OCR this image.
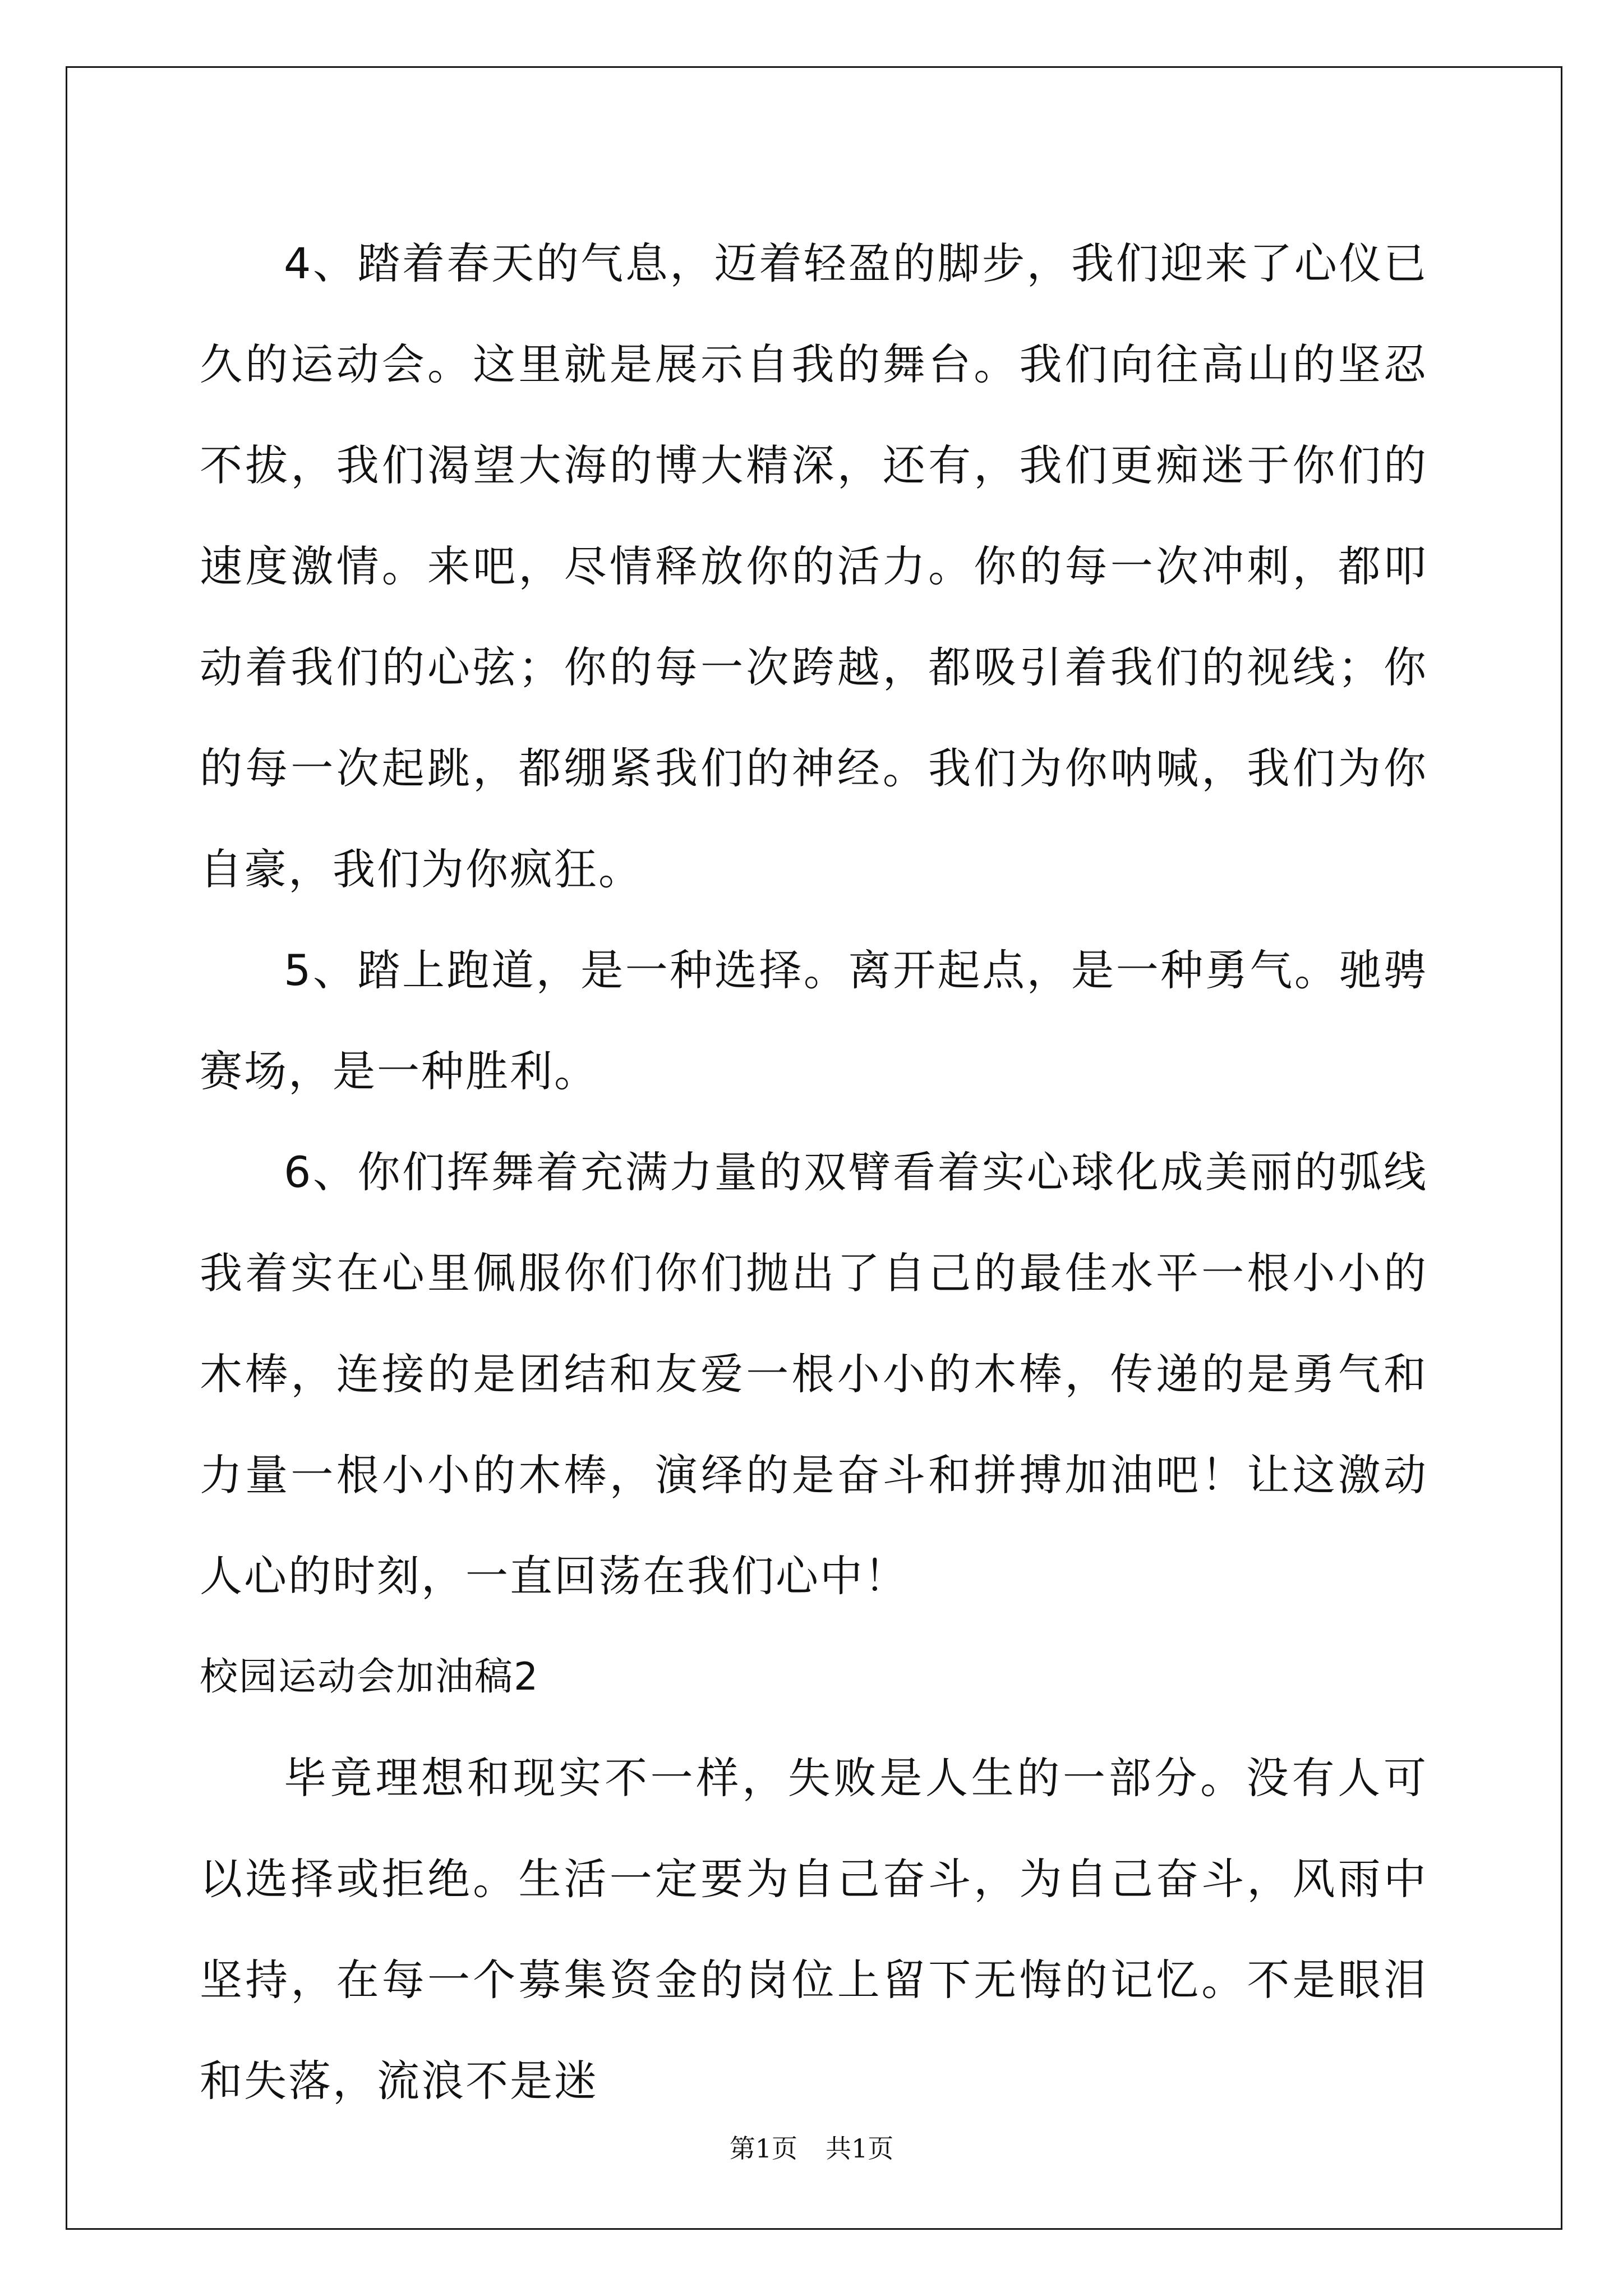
4、踏着春天的气息，迈着轻盈的脚步，我们迎来了心仪已久的运动会。这里就是展示自我的舞台。我们向往高山的坚忍不拔，我们渴望大海的博大精深，还有，我们更痴迷于你们的速度激情。来吧，尽情释放你的活力。你的每一次冲刺，都叩动着我们的心弦；你的每一次跨越，都吸引着我们的视线；你的每一次起跳，都绷紧我们的神经。我们为你呐喊，我们为你自豪，我们为你疯狂。

5、踏上跑道，是一种选择。离开起点，是一种勇气。驰骋赛场，是一种胜利。

6、你们挥舞着充满力量的双臂看着实心球化成美丽的弧线我着实在心里佩服你们你们抛出了自己的最佳水平一根小小的木棒，连接的是团结和友爱一根小小的木棒，传递的是勇气和力量一根小小的木棒，演绎的是奋斗和拼搏加油吧！让这激动人心的时刻，一直回荡在我们心中！

校园运动会加油稿2

毕竟理想和现实不一样，失败是人生的一部分。没有人可以选择或拒绝。生活一定要为自己奋斗，为自己奋斗，风雨中坚持，在每一个募集资金的岗位上留下无悔的记忆。不是眼泪和失落，流浪不是迷

第1页 共1页
